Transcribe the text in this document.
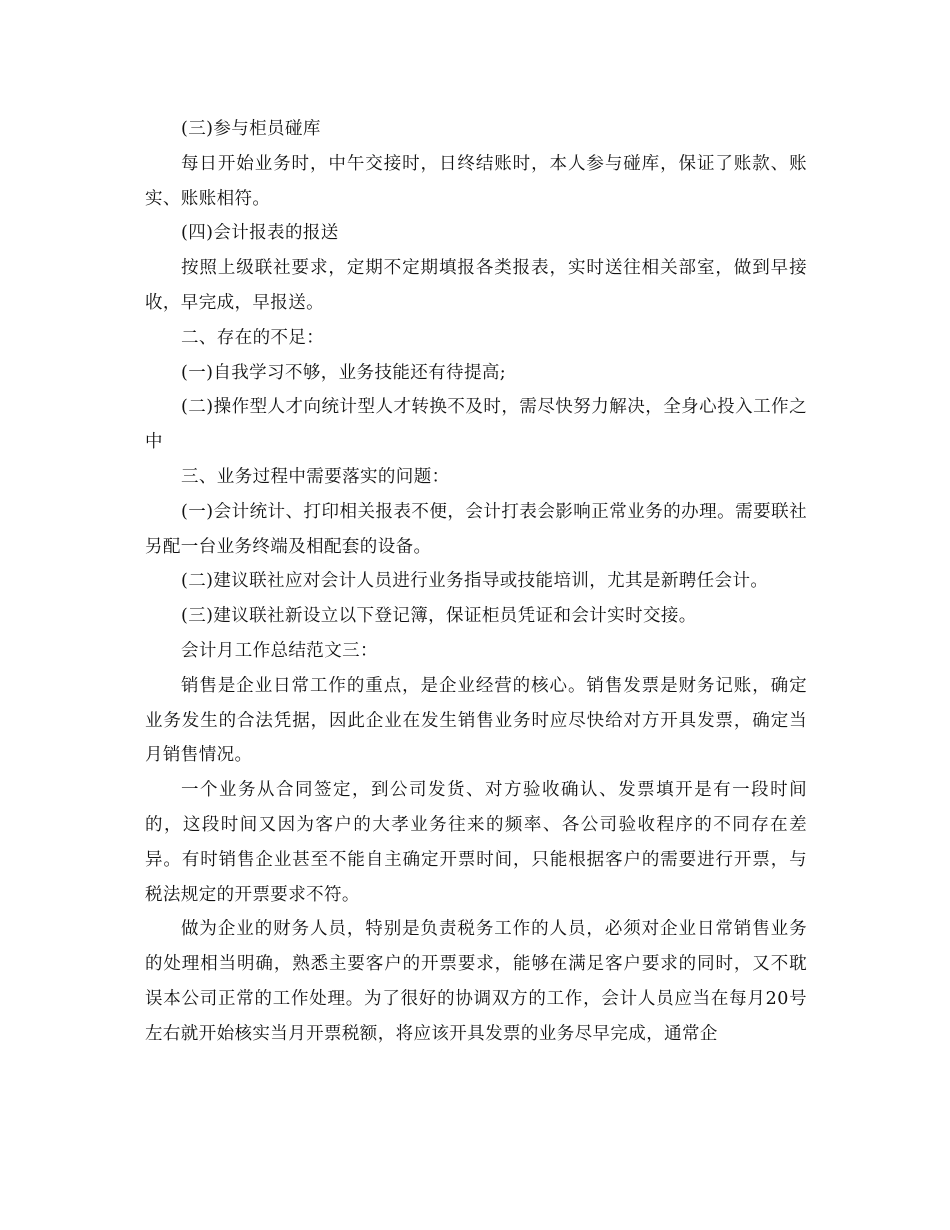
(三)参与柜员碰库

每日开始业务时，中午交接时，日终结账时，本人参与碰库，保证了账款、账实、账账相符。

(四)会计报表的报送

按照上级联社要求，定期不定期填报各类报表，实时送往相关部室，做到早接收，早完成，早报送。

二、存在的不足：

(一)自我学习不够，业务技能还有待提高;

(二)操作型人才向统计型人才转换不及时，需尽快努力解决，全身心投入工作之中

三、业务过程中需要落实的问题：

(一)会计统计、打印相关报表不便，会计打表会影响正常业务的办理。需要联社另配一台业务终端及相配套的设备。

(二)建议联社应对会计人员进行业务指导或技能培训，尤其是新聘任会计。

(三)建议联社新设立以下登记簿，保证柜员凭证和会计实时交接。

会计月工作总结范文三：

销售是企业日常工作的重点，是企业经营的核心。销售发票是财务记账，确定业务发生的合法凭据，因此企业在发生销售业务时应尽快给对方开具发票，确定当月销售情况。

一个业务从合同签定，到公司发货、对方验收确认、发票填开是有一段时间的，这段时间又因为客户的大孝业务往来的频率、各公司验收程序的不同存在差异。有时销售企业甚至不能自主确定开票时间，只能根据客户的需要进行开票，与税法规定的开票要求不符。

做为企业的财务人员，特别是负责税务工作的人员，必须对企业日常销售业务的处理相当明确，熟悉主要客户的开票要求，能够在满足客户要求的同时，又不耽误本公司正常的工作处理。为了很好的协调双方的工作，会计人员应当在每月20号左右就开始核实当月开票税额，将应该开具发票的业务尽早完成，通常企
